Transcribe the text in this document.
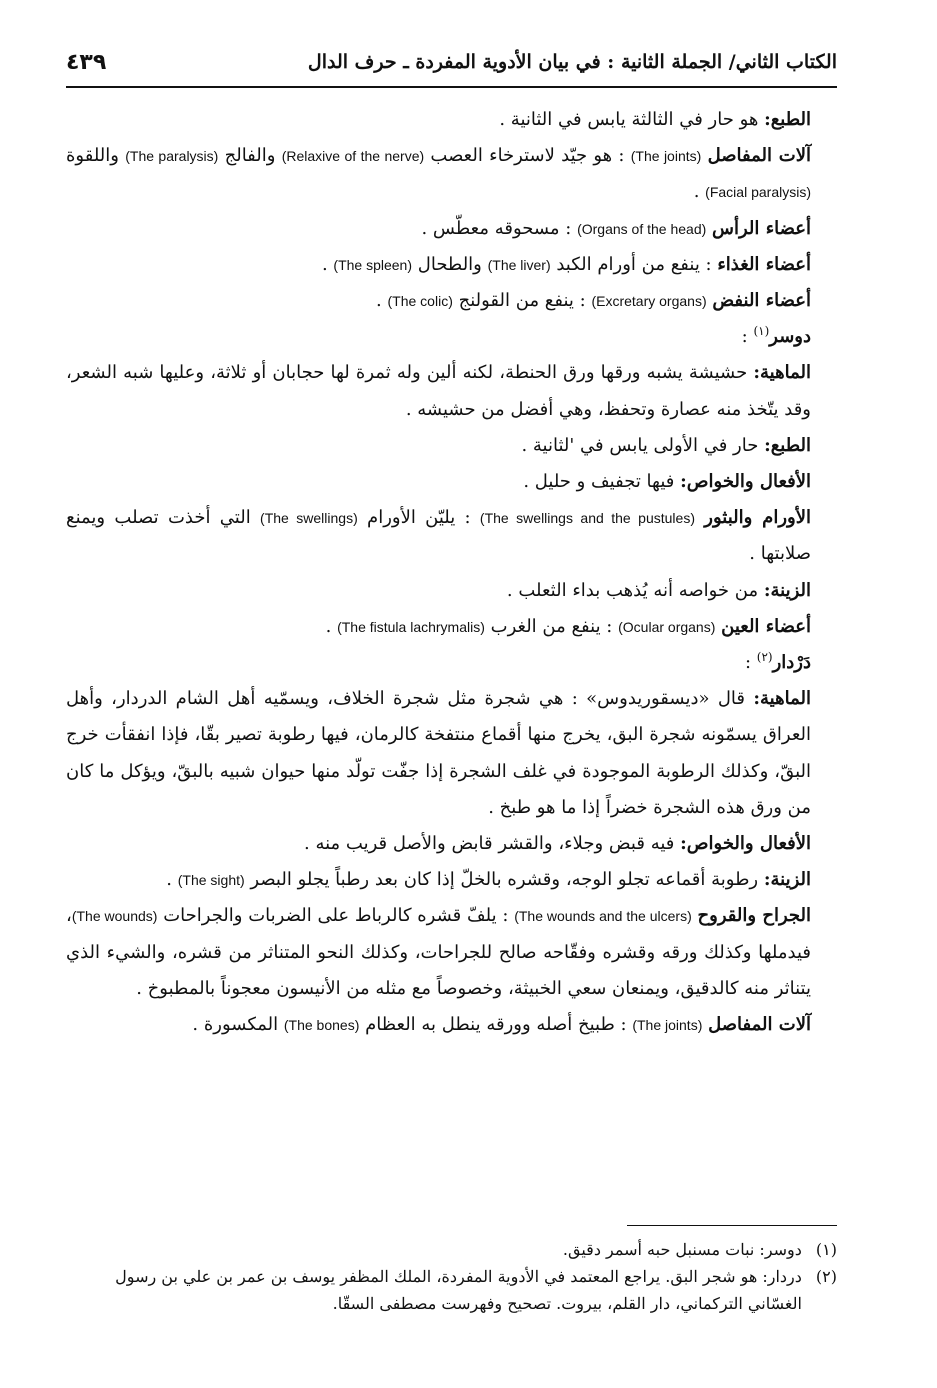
٤٣٩	الكتاب الثاني/ الجملة الثانية : في بيان الأدوية المفردة ـ حرف الدال

الطبع: هو حار في الثالثة يابس في الثانية .

آلات المفاصل (The joints) : هو جيّد لاسترخاء العصب (Relaxive of the nerve) والفالج (The paralysis) واللقوة (Facial paralysis) .

أعضاء الرأس (Organs of the head) : مسحوقه معطّس .

أعضاء الغذاء : ينفع من أورام الكبد (The liver) والطحال (The spleen) .

أعضاء النفض (Excretary organs) : ينفع من القولنج (The colic) .

دوسر$^{(١)}$ :

الماهية: حشيشة يشبه ورقها ورق الحنطة، لكنه ألين وله ثمرة لها حجابان أو ثلاثة، وعليها شبه الشعر، وقد يتّخذ منه عصارة وتحفظ، وهي أفضل من حشيشه .

الطبع: حار في الأولى يابس في 'لثانية .

الأفعال والخواص: فيها تجفيف و حليل .

الأورام والبثور (The swellings and the pustules) : يليّن الأورام (The swellings) التي أخذت تصلب ويمنع صلابتها .

الزينة: من خواصه أنه يُذهب بداء الثعلب .

أعضاء العين (Ocular organs) : ينفع من الغرب (The fistula lachrymalis) .

دَرْدار$^{(٢)}$ :

الماهية: قال «ديسقوريدوس» : هي شجرة مثل شجرة الخلاف، ويسمّيه أهل الشام الدردار، وأهل العراق يسمّونه شجرة البق، يخرج منها أقماع منتفخة كالرمان، فيها رطوبة تصير بقّا، فإذا انفقأت خرج البقّ، وكذلك الرطوبة الموجودة في غلف الشجرة إذا جفّت تولّد منها حيوان شبيه بالبقّ، ويؤكل ما كان من ورق هذه الشجرة خضراً إذا ما هو طبخ .

الأفعال والخواص: فيه قبض وجلاء، والقشر قابض والأصل قريب منه .

الزينة: رطوبة أقماعه تجلو الوجه، وقشره بالخلّ إذا كان بعد رطباً يجلو البصر (The sight) .

الجراح والقروح (The wounds and the ulcers) : يلفّ قشره كالرباط على الضربات والجراحات (The wounds)، فيدملها وكذلك ورقه وقشره وفقّاحه صالح للجراحات، وكذلك النحو المتناثر من قشره، والشيء الذي يتناثر منه كالدقيق، ويمنعان سعي الخبيثة، وخصوصاً مع مثله من الأنيسون معجوناً بالمطبوخ .

آلات المفاصل (The joints) : طبيخ أصله وورقه ينطل به العظام (The bones) المكسورة .

(١)
دوسر: نبات مسنبل حبه أسمر دقيق.

(٢)
دردار: هو شجر البق. يراجع المعتمد في الأدوية المفردة، الملك المظفر يوسف بن عمر بن علي بن رسول الغسّاني التركماني، دار القلم، بيروت. تصحيح وفهرست مصطفى السقّا.
